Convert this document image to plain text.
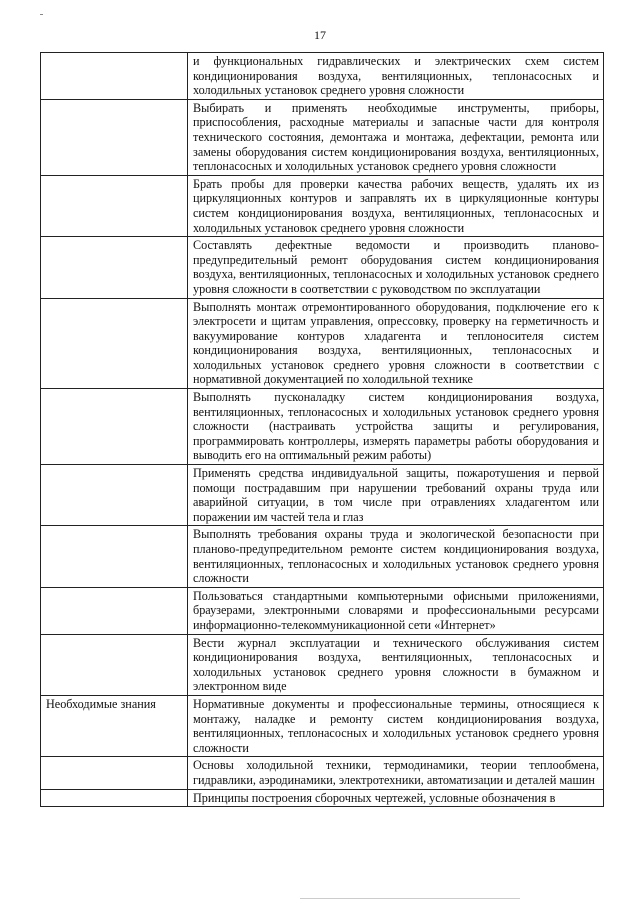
17
	и функциональных гидравлических и электрических схем систем кондиционирования воздуха, вентиляционных, теплонасосных и холодильных установок среднего уровня сложности
	Выбирать и применять необходимые инструменты, приборы, приспособления, расходные материалы и запасные части для контроля технического состояния, демонтажа и монтажа, дефектации, ремонта или замены оборудования систем кондиционирования воздуха, вентиляционных, теплонасосных и холодильных установок среднего уровня сложности
	Брать пробы для проверки качества рабочих веществ, удалять их из циркуляционных контуров и заправлять их в циркуляционные контуры систем кондиционирования воздуха, вентиляционных, теплонасосных и холодильных установок среднего уровня сложности
	Составлять дефектные ведомости и производить планово-предупредительный ремонт оборудования систем кондиционирования воздуха, вентиляционных, теплонасосных и холодильных установок среднего уровня сложности в соответствии с руководством по эксплуатации
	Выполнять монтаж отремонтированного оборудования, подключение его к электросети и щитам управления, опрессовку, проверку на герметичность и вакуумирование контуров хладагента и теплоносителя систем кондиционирования воздуха, вентиляционных, теплонасосных и холодильных установок среднего уровня сложности в соответствии с нормативной документацией по холодильной технике
	Выполнять пусконаладку систем кондиционирования воздуха, вентиляционных, теплонасосных и холодильных установок среднего уровня сложности (настраивать устройства защиты и регулирования, программировать контроллеры, измерять параметры работы оборудования и выводить его на оптимальный режим работы)
	Применять средства индивидуальной защиты, пожаротушения и первой помощи пострадавшим при нарушении требований охраны труда или аварийной ситуации, в том числе при отравлениях хладагентом или поражении им частей тела и глаз
	Выполнять требования охраны труда и экологической безопасности при планово-предупредительном ремонте систем кондиционирования воздуха, вентиляционных, теплонасосных и холодильных установок среднего уровня сложности
	Пользоваться стандартными компьютерными офисными приложениями, браузерами, электронными словарями и профессиональными ресурсами информационно-телекоммуникационной сети «Интернет»
	Вести журнал эксплуатации и технического обслуживания систем кондиционирования воздуха, вентиляционных, теплонасосных и холодильных установок среднего уровня сложности в бумажном и электронном виде
Необходимые знания	Нормативные документы и профессиональные термины, относящиеся к монтажу, наладке и ремонту систем кондиционирования воздуха, вентиляционных, теплонасосных и холодильных установок среднего уровня сложности
	Основы холодильной техники, термодинамики, теории теплообмена, гидравлики, аэродинамики, электротехники, автоматизации и деталей машин
	Принципы построения сборочных чертежей, условные обозначения в
